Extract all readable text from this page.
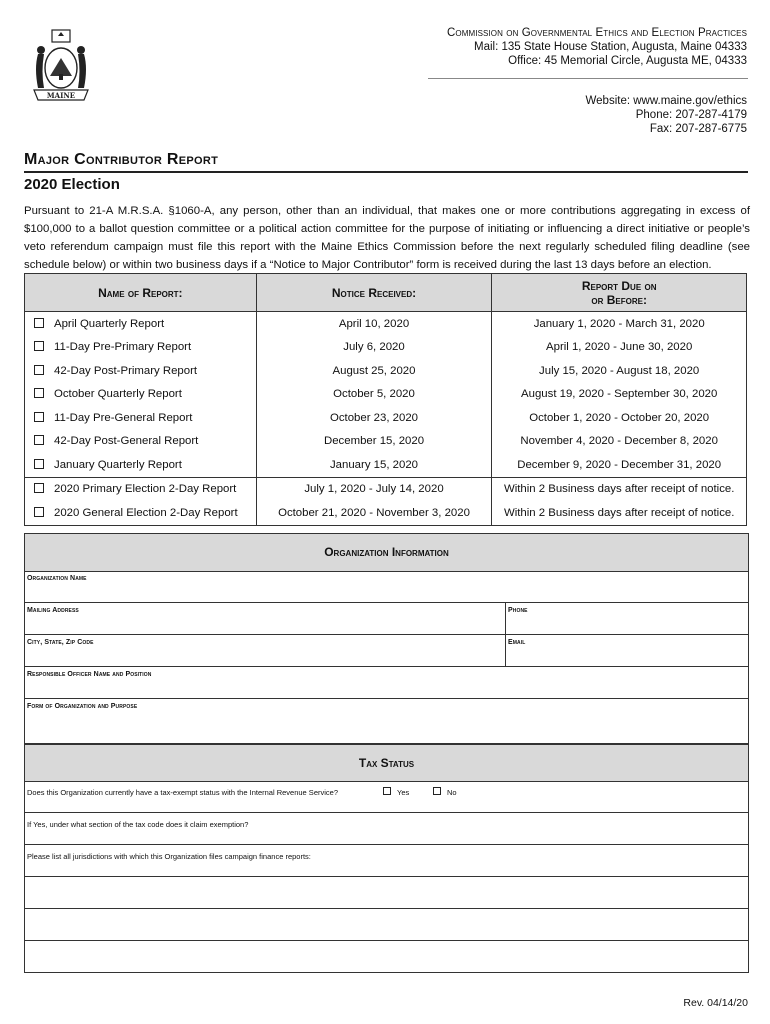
MAINE
Commission on Governmental Ethics and Election Practices
Mail: 135 State House Station, Augusta, Maine 04333
Office: 45 Memorial Circle, Augusta ME, 04333
Website: www.maine.gov/ethics
Phone: 207-287-4179
Fax: 207-287-6775
Major Contributor Report
2020 Election
Pursuant to 21-A M.R.S.A. §1060-A, any person, other than an individual, that makes one or more contributions aggregating in excess of $100,000 to a ballot question committee or a political action committee for the purpose of initiating or influencing a direct initiative or people’s veto referendum campaign must file this report with the Maine Ethics Commission before the next regularly scheduled filing deadline (see schedule below) or within two business days if a “Notice to Major Contributor” form is received during the last 13 days before an election.
Name of Report:	Notice Received:	Report Due on
or Before:

April Quarterly Report	April 10, 2020	January 1, 2020 - March 31, 2020
11-Day Pre-Primary Report	July 6, 2020	April 1, 2020 - June 30, 2020
42-Day Post-Primary Report	August 25, 2020	July 15, 2020 - August 18, 2020
October Quarterly Report	October 5, 2020	August 19, 2020 - September 30, 2020
11-Day Pre-General Report	October 23, 2020	October 1, 2020 - October 20, 2020
42-Day Post-General Report	December 15, 2020	November 4, 2020 - December 8, 2020
January Quarterly Report	January 15, 2020	December 9, 2020 - December 31, 2020
2020 Primary Election 2-Day Report	July 1, 2020 - July 14, 2020	Within 2 Business days after receipt of notice.
2020 General Election 2-Day Report	October 21, 2020 - November 3, 2020	Within 2 Business days after receipt of notice.
Organization Information
Organization Name
Mailing Address	Phone
City, State, Zip Code	Email
Responsible Officer Name and Position
Form of Organization and Purpose
Tax Status
Does this Organization currently have a tax-exempt status with the Internal Revenue Service?	Yes	No
If Yes, under what section of the tax code does it claim exemption?
Please list all jurisdictions with which this Organization files campaign finance reports:
Rev. 04/14/20
